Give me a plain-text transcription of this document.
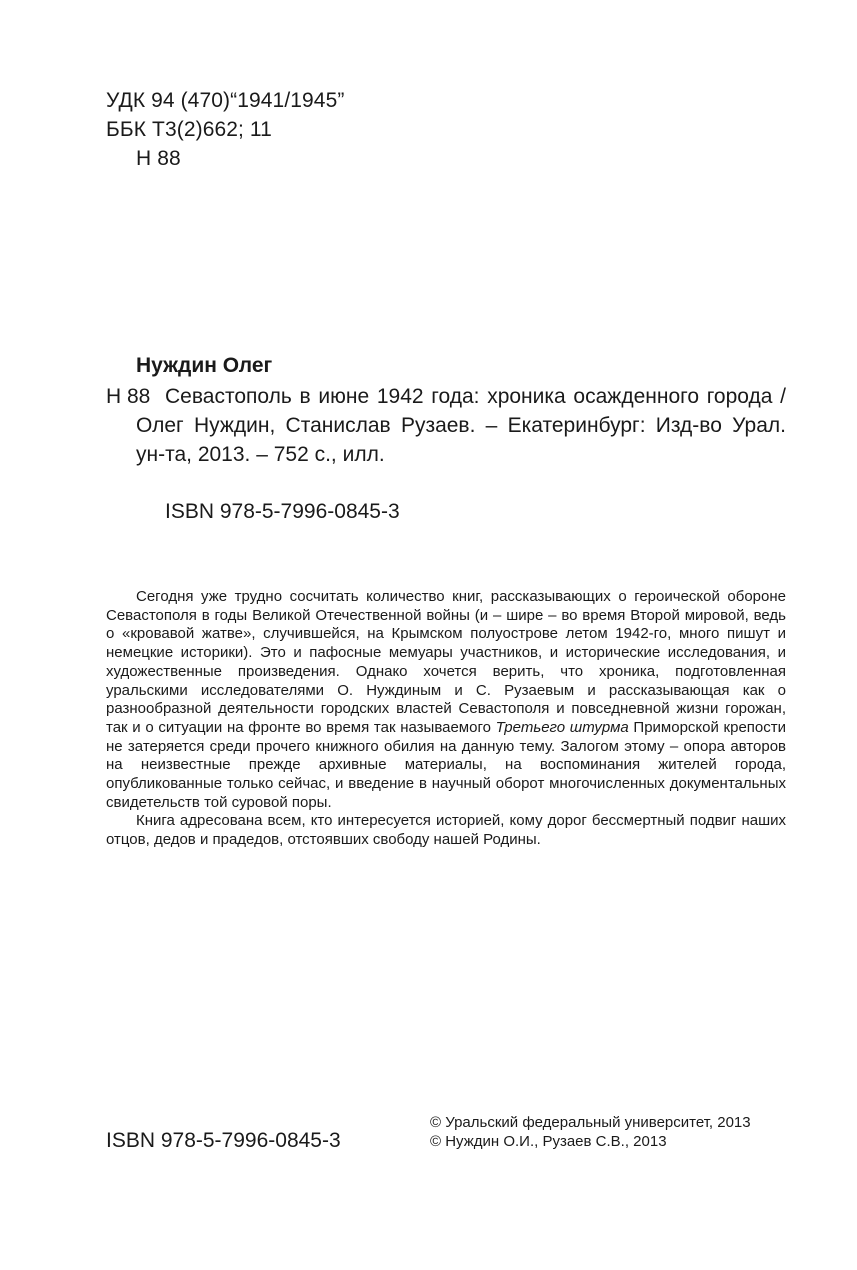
УДК 94 (470)“1941/1945”
ББК Т3(2)662; 11
Н 88
Нуждин Олег
Н 88 Севастополь в июне 1942 года: хроника осажденного города /
Олег Нуждин, Станислав Рузаев. – Екатеринбург: Изд-во Урал.
ун-та, 2013. – 752 с., илл.
ISBN 978-5-7996-0845-3

Сегодня уже трудно сосчитать количество книг, рассказывающих о героической обороне Севастополя в годы Великой Отечественной войны (и – шире – во время Второй мировой, ведь о «кровавой жатве», случившейся, на Крымском полуострове летом 1942-го, много пишут и немецкие историки). Это и пафосные мемуары участников, и исторические исследования, и художественные произведения. Однако хочется верить, что хроника, подготовленная уральскими исследователями О. Нуждиным и С. Рузаевым и рассказывающая как о разнообразной деятельности городских властей Севастополя и повседневной жизни горожан, так и о ситуации на фронте во время так называемого Третьего штурма Приморской крепости не затеряется среди прочего книжного обилия на данную тему. Залогом этому – опора авторов на неизвестные прежде архивные материалы, на воспоминания жителей города, опубликованные только сейчас, и введение в научный оборот многочисленных документальных свидетельств той суровой поры.

Книга адресована всем, кто интересуется историей, кому дорог бессмертный подвиг наших отцов, дедов и прадедов, отстоявших свободу нашей Родины.

ISBN 978-5-7996-0845-3
© Уральский федеральный университет, 2013
© Нуждин О.И., Рузаев С.В., 2013
